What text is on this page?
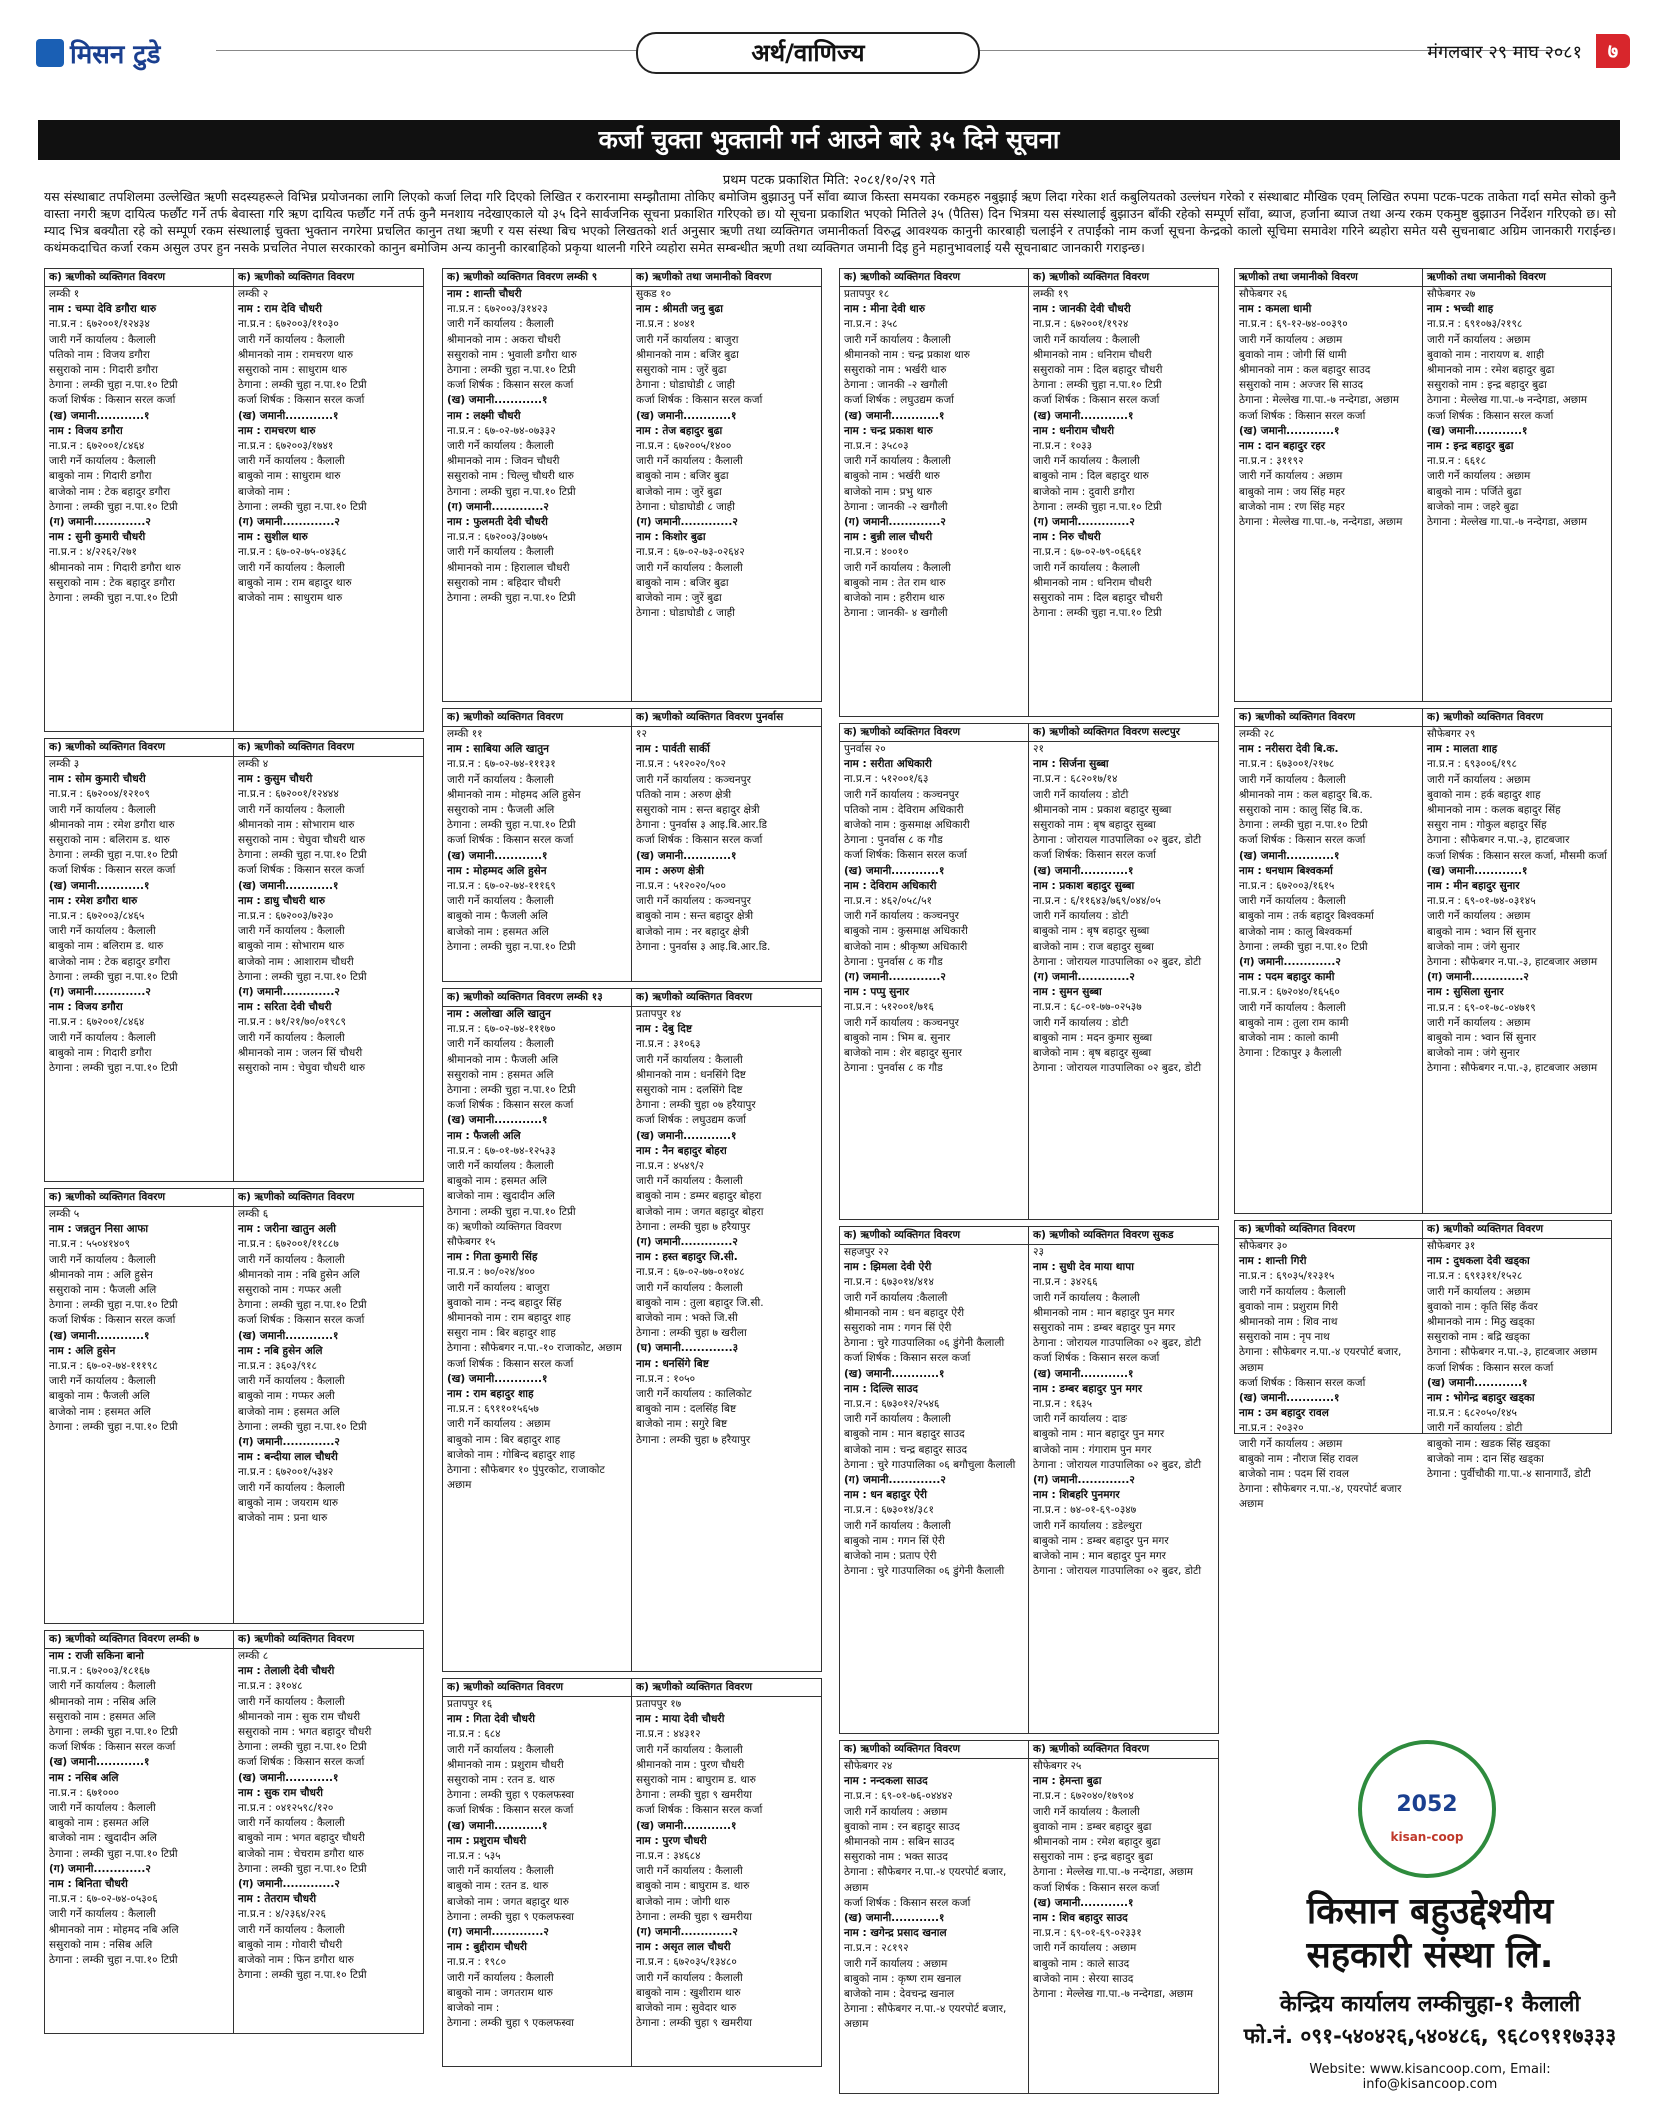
मिसन टुडे	अर्थ/वाणिज्य	मंगलबार २९ माघ २०८१	७
कर्जा चुक्ता भुक्तानी गर्न आउने बारे ३५ दिने सूचना
प्रथम पटक प्रकाशित मिति: २०८१/१०/२९ गते
यस संस्थाबाट तपशिलमा उल्लेखित ऋणी सदस्यहरूले विभिन्न प्रयोजनका लागि लिएको कर्जा लिदा गरि दिएको लिखित र करारनामा सम्झौतामा तोकिए बमोजिम बुझाउनु पर्ने साँवा ब्याज किस्ता समयका रकमहरु नबुझाई ऋण लिदा गरेका शर्त कबुलियतको उल्लंघन गरेको र संस्थाबाट मौखिक एवम् लिखित रुपमा पटक-पटक ताकेता गर्दा समेत सोको कुनै वास्ता नगरी ऋण दायित्व फर्छौट गर्ने तर्फ बेवास्ता गरि ऋण दायित्व फर्छौट गर्ने तर्फ कुनै मनशाय नदेखाएकाले यो ३५ दिने सार्वजनिक सूचना प्रकाशित गरिएको छ। यो सूचना प्रकाशित भएको मितिले ३५ (पैतिस) दिन भित्रमा यस संस्थालाई बुझाउन बाँकी रहेको सम्पूर्ण साँवा, ब्याज, हर्जाना ब्याज तथा अन्य रकम एकमुष्ट बुझाउन निर्देशन गरिएको छ। सो म्याद भित्र बक्यौता रहे को सम्पूर्ण रकम संस्थालाई चुक्ता भुक्तान नगरेमा प्रचलित कानुन तथा ऋणी र यस संस्था बिच भएको लिखतको शर्त अनुसार ऋणी तथा व्यक्तिगत जमानीकर्ता विरुद्ध आवश्यक कानुनी कारबाही चलाईने र तपाईंको नाम कर्जा सूचना केन्द्रको कालो सूचिमा समावेश गरिने ब्यहोरा समेत यसै सुचनाबाट अग्रिम जानकारी गराईन्छ। कथंमकदाचित कर्जा रकम असुल उपर हुन नसके प्रचलित नेपाल सरकारको कानुन बमोजिम अन्य कानुनी कारबाहिको प्रकृया थालनी गरिने व्यहोरा समेत सम्बन्धीत ऋणी तथा व्यक्तिगत जमानी दिइ हुने महानुभावलाई यसै सूचनाबाट जानकारी गराइन्छ।
क) ऋणीको व्यक्तिगत विवरण
लम्की १
नाम : चम्पा देवि डगौरा थारु
ना.प्र.न : ६७२००१/१२४३४
जारी गर्ने कार्यालय : कैलाली
पतिको नाम : विजय डगौरा
ससुराको नाम : गिदारी डगौरा
ठेगाना : लम्की चुहा न.पा.१० टिप्री
कर्जा शिर्षक : किसान सरल कर्जा
(ख) जमानी............१
नाम : विजय डगौरा
ना.प्र.न : ६७२००१/८४६४
जारी गर्ने कार्यालय : कैलाली
बाबुको नाम : गिदारी डगौरा
बाजेको नाम : टेक बहादुर डगौरा
ठेगाना : लम्की चुहा न.पा.१० टिप्री
(ग) जमानी.............२
नाम : सुनी कुमारी चौधरी
ना.प्र.न : ४/२२६२/२७१
श्रीमानको नाम : गिदारी डगौरा थारु
ससुराको नाम : टेक बहादुर डगौरा
ठेगाना : लम्की चुहा न.पा.१० टिप्री
क) ऋणीको व्यक्तिगत विवरण
लम्की २
नाम : राम देवि चौधरी
ना.प्र.न : ६७२००३/११०३०
जारी गर्ने कार्यालय : कैलाली
श्रीमानको नाम : रामचरण थारु
ससुराको नाम : साधुराम थारु
ठेगाना : लम्की चुहा न.पा.१० टिप्री
कर्जा शिर्षक : किसान सरल कर्जा
(ख) जमानी............१
नाम : रामचरण थारु
ना.प्र.न : ६७२००३/१७४१
जारी गर्ने कार्यालय : कैलाली
बाबुको नाम : साधुराम थारु
बाजेको नाम :
ठेगाना : लम्की चुहा न.पा.१० टिप्री
(ग) जमानी.............२
नाम : सुशील थारु
ना.प्र.न : ६७-०२-७५-०४३६८
जारी गर्ने कार्यालय : कैलाली
बाबुको नाम : राम बहादुर थारु
बाजेको नाम : साधुराम थारु
क) ऋणीको व्यक्तिगत विवरण
लम्की ३
नाम : सोम कुमारी चौधरी
ना.प्र.न : ६७२००४/१२१०९
जारी गर्ने कार्यालय : कैलाली
श्रीमानको नाम : रमेश डगौरा थारु
ससुराको नाम : बलिराम ड. थारु
ठेगाना : लम्की चुहा न.पा.१० टिप्री
कर्जा शिर्षक : किसान सरल कर्जा
(ख) जमानी............१
नाम : रमेश डगौरा थारु
ना.प्र.न : ६७२००३/८४६५
जारी गर्ने कार्यालय : कैलाली
बाबुको नाम : बलिराम ड. थारु
बाजेको नाम : टेक बहादुर डगौरा
ठेगाना : लम्की चुहा न.पा.१० टिप्री
(ग) जमानी.............२
नाम : विजय डगौरा
ना.प्र.न : ६७२००१/८४६४
जारी गर्ने कार्यालय : कैलाली
बाबुको नाम : गिदारी डगौरा
ठेगाना : लम्की चुहा न.पा.१० टिप्री
क) ऋणीको व्यक्तिगत विवरण
लम्की ४
नाम : कुसुम चौधरी
ना.प्र.न : ६७२००१/१२४४४
जारी गर्ने कार्यालय : कैलाली
श्रीमानको नाम : सोभाराम थारु
ससुराको नाम : चेघुवा चौधरी थारु
ठेगाना : लम्की चुहा न.पा.१० टिप्री
कर्जा शिर्षक : किसान सरल कर्जा
(ख) जमानी............१
नाम : डाधु चौधरी थारु
ना.प्र.न : ६७२००३/७२३०
जारी गर्ने कार्यालय : कैलाली
बाबुको नाम : सोभाराम थारु
बाजेको नाम : आशाराम चौधरी
ठेगाना : लम्की चुहा न.पा.१० टिप्री
(ग) जमानी.............२
नाम : सरिता देवी चौधरी
ना.प्र.न : ७१/२१/७०/०१९८९
जारी गर्ने कार्यालय : कैलाली
श्रीमानको नाम : जलन सिं चौधरी
ससुराको नाम : चेघुवा चौधरी थारु
क) ऋणीको व्यक्तिगत विवरण
लम्की ५
नाम : जन्नतुन निसा आफा
ना.प्र.न : ५५०४१४०९
जारी गर्ने कार्यालय : कैलाली
श्रीमानको नाम : अलि हुसेन
ससुराको नाम : फैजली अलि
ठेगाना : लम्की चुहा न.पा.१० टिप्री
कर्जा शिर्षक : किसान सरल कर्जा
(ख) जमानी............१
नाम : अलि हुसेन
ना.प्र.न : ६७-०२-७४-१११९८
जारी गर्ने कार्यालय : कैलाली
बाबुको नाम : फैजली अलि
बाजेको नाम : हसमत अलि
ठेगाना : लम्की चुहा न.पा.१० टिप्री
क) ऋणीको व्यक्तिगत विवरण
लम्की ६
नाम : जरीना खातुन अली
ना.प्र.न : ६७२००१/११८८७
जारी गर्ने कार्यालय : कैलाली
श्रीमानको नाम : नबि हुसेन अलि
ससुराको नाम : गप्फर अली
ठेगाना : लम्की चुहा न.पा.१० टिप्री
कर्जा शिर्षक : किसान सरल कर्जा
(ख) जमानी............१
नाम : नबि हुसेन अलि
ना.प्र.न : ३६०३/९१८
जारी गर्ने कार्यालय : कैलाली
बाबुको नाम : गप्फर अली
बाजेको नाम : हसमत अलि
ठेगाना : लम्की चुहा न.पा.१० टिप्री
(ग) जमानी.............२
नाम : बन्दीया लाल चौधरी
ना.प्र.न : ६७२००१/५३४२
जारी गर्ने कार्यालय : कैलाली
बाबुको नाम : जयराम थारु
बाजेको नाम : प्रना थारु
क) ऋणीको व्यक्तिगत विवरण लम्की ७
नाम : राजी सकिना बानो
ना.प्र.न : ६७२००३/१८१६७
जारी गर्ने कार्यालय : कैलाली
श्रीमानको नाम : नसिब अलि
ससुराको नाम : हसमत अलि
ठेगाना : लम्की चुहा न.पा.१० टिप्री
कर्जा शिर्षक : किसान सरल कर्जा
(ख) जमानी............१
नाम : नसिब अलि
ना.प्र.न : ६७१०००
जारी गर्ने कार्यालय : कैलाली
बाबुको नाम : हसमत अलि
बाजेको नाम : खुदादीन अलि
ठेगाना : लम्की चुहा न.पा.१० टिप्री
(ग) जमानी.............२
नाम : बिनिता चौधरी
ना.प्र.न : ६७-०२-७४-०५३०६
जारी गर्ने कार्यालय : कैलाली
श्रीमानको नाम : मोहमद नबि अलि
ससुराको नाम : नसिब अलि
ठेगाना : लम्की चुहा न.पा.१० टिप्री
क) ऋणीको व्यक्तिगत विवरण
लम्की ८
नाम : तेलाली देवी चौधरी
ना.प्र.न : ३१०४८
जारी गर्ने कार्यालय : कैलाली
श्रीमानको नाम : सुक राम चौधरी
ससुराको नाम : भगत बहादुर चौधरी
ठेगाना : लम्की चुहा न.पा.१० टिप्री
कर्जा शिर्षक : किसान सरल कर्जा
(ख) जमानी............१
नाम : सुक राम चौधरी
ना.प्र.न : ०४१२५९८/१२०
जारी गर्ने कार्यालय : कैलाली
बाबुको नाम : भगत बहादुर चौधरी
बाजेको नाम : चेचराम डगौरा थारु
ठेगाना : लम्की चुहा न.पा.१० टिप्री
(ग) जमानी.............२
नाम : तेतराम चौधरी
ना.प्र.न : ४/२३६४/२२६
जारी गर्ने कार्यालय : कैलाली
बाबुको नाम : गोवारी चौधरी
बाजेको नाम : फिन डगौरा थारु
ठेगाना : लम्की चुहा न.पा.१० टिप्री
क) ऋणीको व्यक्तिगत विवरण लम्की ९
नाम : शान्ती चौधरी
ना.प्र.न : ६७२००३/३१४२३
जारी गर्ने कार्यालय : कैलाली
श्रीमानको नाम : अकरा चौधरी
ससुराको नाम : भुवाली डगौरा थारु
ठेगाना : लम्की चुहा न.पा.१० टिप्री
कर्जा शिर्षक : किसान सरल कर्जा
(ख) जमानी............१
नाम : लक्ष्मी चौधरी
ना.प्र.न : ६७-०२-७४-०७३३२
जारी गर्ने कार्यालय : कैलाली
श्रीमानको नाम : जिवन चौधरी
ससुराको नाम : चिल्लु चौधरी थारु
ठेगाना : लम्की चुहा न.पा.१० टिप्री
(ग) जमानी.............२
नाम : फुलमती देवी चौधरी
ना.प्र.न : ६७२००३/३०७७५
जारी गर्ने कार्यालय : कैलाली
श्रीमानको नाम : हिरालाल चौधरी
ससुराको नाम : बहिदार चौधरी
ठेगाना : लम्की चुहा न.पा.१० टिप्री
क) ऋणीको तथा जमानीको विवरण
सुकड १०
नाम : श्रीमती जनु बुढा
ना.प्र.न : ४०४१
जारी गर्ने कार्यालय : बाजुरा
श्रीमानको नाम : बजिर बुढा
ससुराको नाम : जुरें बुढा
ठेगाना : घोडाघोडी ८ जाही
कर्जा शिर्षक : किसान सरल कर्जा
(ख) जमानी............१
नाम : तेज बहादुर बुढा
ना.प्र.न : ६७२००५/१४००
जारी गर्ने कार्यालय : कैलाली
बाबुको नाम : बजिर बुढा
बाजेको नाम : जुरें बुढा
ठेगाना : घोडाघोडी ८ जाही
(ग) जमानी.............२
नाम : किशोर बुढा
ना.प्र.न : ६७-०२-७३-०२६४२
जारी गर्ने कार्यालय : कैलाली
बाबुको नाम : बजिर बुढा
बाजेको नाम : जुरें बुढा
ठेगाना : घोडाघोडी ८ जाही
क) ऋणीको व्यक्तिगत विवरण
लम्की ११
नाम : साबिया अलि खातुन
ना.प्र.न : ६७-०२-७४-१११३१
जारी गर्ने कार्यालय : कैलाली
श्रीमानको नाम : मोहमद अलि हुसेन
ससुराको नाम : फैजली अलि
ठेगाना : लम्की चुहा न.पा.१० टिप्री
कर्जा शिर्षक : किसान सरल कर्जा
(ख) जमानी............१
नाम : मोहम्मद अलि हुसेन
ना.प्र.न : ६७-०२-७४-१११६९
जारी गर्ने कार्यालय : कैलाली
बाबुको नाम : फैजली अलि
बाजेको नाम : हसमत अलि
ठेगाना : लम्की चुहा न.पा.१० टिप्री
क) ऋणीको व्यक्तिगत विवरण पुनर्वास
१२
नाम : पार्वती सार्की
ना.प्र.न : ५१२०२०/९०२
जारी गर्ने कार्यालय : कञ्चनपुर
पतिको नाम : अरुण क्षेत्री
ससुराको नाम : सन्त बहादुर क्षेत्री
ठेगाना : पुनर्वास ३ आइ.बि.आर.डि
कर्जा शिर्षक : किसान सरल कर्जा
(ख) जमानी............१
नाम : अरुण क्षेत्री
ना.प्र.न : ५१२०२०/५००
जारी गर्ने कार्यालय : कञ्चनपुर
बाबुको नाम : सन्त बहादुर क्षेत्री
बाजेको नाम : नर बहादुर क्षेत्री
ठेगाना : पुनर्वास ३ आइ.बि.आर.डि.
क) ऋणीको व्यक्तिगत विवरण लम्की १३
नाम : अलोखा अलि खातुन
ना.प्र.न : ६७-०२-७४-१११७०
जारी गर्ने कार्यालय : कैलाली
श्रीमानको नाम : फैजली अलि
ससुराको नाम : हसमत अलि
ठेगाना : लम्की चुहा न.पा.१० टिप्री
कर्जा शिर्षक : किसान सरल कर्जा
(ख) जमानी............१
नाम : फैजली अलि
ना.प्र.न : ६७-०१-७४-१२५३३
जारी गर्ने कार्यालय : कैलाली
बाबुको नाम : हसमत अलि
बाजेको नाम : खुदादीन अलि
ठेगाना : लम्की चुहा न.पा.१० टिप्री
क) ऋणीको व्यक्तिगत विवरण
सौफेबगर १५
नाम : गिता कुमारी सिंह
ना.प्र.न : ७०/०२४/४००
जारी गर्ने कार्यालय : बाजुरा
बुवाको नाम : नन्द बहादुर सिंह
श्रीमानको नाम : राम बहादुर शाह
ससुरा नाम : बिर बहादुर शाह
ठेगाना : सौफेबगर न.पा.-१० राजाकोट, अछाम
कर्जा शिर्षक : किसान सरल कर्जा
(ख) जमानी............१
नाम : राम बहादुर शाह
ना.प्र.न : ६९११०१५६५७
जारी गर्ने कार्यालय : अछाम
बाबुको नाम : बिर बहादुर शाह
बाजेको नाम : गोबिन्द बहादुर शाह
ठेगाना : सौफेबगर १० पुंपुरकोट, राजाकोट अछाम
क) ऋणीको व्यक्तिगत विवरण
प्रतापपुर १४
नाम : देबु दिष्ट
ना.प्र.न : ३१०६३
जारी गर्ने कार्यालय : कैलाली
श्रीमानको नाम : धनसिंगे दिष्ट
ससुराको नाम : दलसिंगे दिष्ट
ठेगाना : लम्की चुहा ०७ हरैयापुर
कर्जा शिर्षक : लघुउद्यम कर्जा
(ख) जमानी............१
नाम : नैन बहादुर बोहरा
ना.प्र.न : ४५४९/२
जारी गर्ने कार्यालय : कैलाली
बाबुको नाम : डम्मर बहादुर बोहरा
बाजेको नाम : जगत बहादुर बोहरा
ठेगाना : लम्की चुहा ७ हरैयापुर
(ग) जमानी.............२
नाम : हस्त बहादुर जि.सी.
ना.प्र.न : ६७-०२-७७-०१०४८
जारी गर्ने कार्यालय : कैलाली
बाबुको नाम : तुला बहादुर जि.सी.
बाजेको नाम : भक्ते जि.सी
ठेगाना : लम्की चुहा ७ खरीला
(घ) जमानी.............३
नाम : धनसिंगे बिष्ट
ना.प्र.न : १०५०
जारी गर्ने कार्यालय : कालिकोट
बाबुको नाम : दलसिंह बिष्ट
बाजेको नाम : सगुरे बिष्ट
ठेगाना : लम्की चुहा ७ हरैयापुर
क) ऋणीको व्यक्तिगत विवरण
प्रतापपुर १६
नाम : गिता देवी चौधरी
ना.प्र.न : ६८४
जारी गर्ने कार्यालय : कैलाली
श्रीमानको नाम : प्रशुराम चौधरी
ससुराको नाम : रतन ड. थारु
ठेगाना : लम्की चुहा ९ एकलफस्वा
कर्जा शिर्षक : किसान सरल कर्जा
(ख) जमानी............१
नाम : प्रशुराम चौधरी
ना.प्र.न : ५३५
जारी गर्ने कार्यालय : कैलाली
बाबुको नाम : रतन ड. थारु
बाजेको नाम : जगत बहादुर थारु
ठेगाना : लम्की चुहा ९ एकलफस्वा
(ग) जमानी.............२
नाम : बुद्दीराम चौधरी
ना.प्र.न : १९८०
जारी गर्ने कार्यालय : कैलाली
बाबुको नाम : जगतराम थारु
बाजेको नाम :
ठेगाना : लम्की चुहा ९ एकलफस्वा
क) ऋणीको व्यक्तिगत विवरण
प्रतापपुर १७
नाम : माया देवी चौधरी
ना.प्र.न : ४४३१२
जारी गर्ने कार्यालय : कैलाली
श्रीमानको नाम : पुरण चौधरी
ससुराको नाम : बाघुराम ड. थारु
ठेगाना : लम्की चुहा ९ खमरीया
कर्जा शिर्षक : किसान सरल कर्जा
(ख) जमानी............१
नाम : पुरण चौधरी
ना.प्र.न : ३४६८४
जारी गर्ने कार्यालय : कैलाली
बाबुको नाम : बाघुराम ड. थारु
बाजेको नाम : जोगी थारु
ठेगाना : लम्की चुहा ९ खमरीया
(ग) जमानी.............२
नाम : असृत लाल चौधरी
ना.प्र.न : ६७२०३५/१३४८०
जारी गर्ने कार्यालय : कैलाली
बाबुको नाम : खुशीराम थारु
बाजेको नाम : सुवेदार थारु
ठेगाना : लम्की चुहा ९ खमरीया
क) ऋणीको व्यक्तिगत विवरण
प्रतापपुर १८
नाम : मीना देवी थारु
ना.प्र.न : ३५८
जारी गर्ने कार्यालय : कैलाली
श्रीमानको नाम : चन्द्र प्रकाश थारु
ससुराको नाम : भर्खरी थारु
ठेगाना : जानकी -२ खगौली
कर्जा शिर्षक : लघुउद्यम कर्जा
(ख) जमानी............१
नाम : चन्द्र प्रकाश थारु
ना.प्र.न : ३५८०३
जारी गर्ने कार्यालय : कैलाली
बाबुको नाम : भर्खरी थारु
बाजेको नाम : प्रभु थारु
ठेगाना : जानकी -२ खगौली
(ग) जमानी.............२
नाम : बुन्नी लाल चौधरी
ना.प्र.न : ४००१०
जारी गर्ने कार्यालय : कैलाली
बाबुको नाम : तेत राम थारु
बाजेको नाम : हरीराम थारु
ठेगाना : जानकी- ४ खगौली
क) ऋणीको व्यक्तिगत विवरण
लम्की १९
नाम : जानकी देवी चौधरी
ना.प्र.न : ६७२००१/१९२४
जारी गर्ने कार्यालय : कैलाली
श्रीमानको नाम : धनिराम चौधरी
ससुराको नाम : दिल बहादुर चौधरी
ठेगाना : लम्की चुहा न.पा.१० टिप्री
कर्जा शिर्षक : किसान सरल कर्जा
(ख) जमानी............१
नाम : धनीराम चौधरी
ना.प्र.न : १०३३
जारी गर्ने कार्यालय : कैलाली
बाबुको नाम : दिल बहादुर थारु
बाजेको नाम : दुवारी डगौरा
ठेगाना : लम्की चुहा न.पा.१० टिप्री
(ग) जमानी.............२
नाम : निरु चौधरी
ना.प्र.न : ६७-०२-७९-०६६६१
जारी गर्ने कार्यालय : कैलाली
श्रीमानको नाम : धनिराम चौधरी
ससुराको नाम : दिल बहादुर चौधरी
ठेगाना : लम्की चुहा न.पा.१० टिप्री
क) ऋणीको व्यक्तिगत विवरण
पुनर्वास २०
नाम : सरीता अधिकारी
ना.प्र.न : ५१२००१/६३
जारी गर्ने कार्यालय : कञ्चनपुर
पतिको नाम : देविराम अधिकारी
बाजेको नाम : कुसमाक्ष अधिकारी
ठेगाना : पुनर्वास ८ क गौड
कर्जा शिर्षक: किसान सरल कर्जा
(ख) जमानी............१
नाम : देविराम अधिकारी
ना.प्र.न : ४६२/०५८/५१
जारी गर्ने कार्यालय : कञ्चनपुर
बाबुको नाम : कुसमाक्ष अधिकारी
बाजेको नाम : श्रीकृष्ण अधिकारी
ठेगाना : पुनर्वास ८ क गौड
(ग) जमानी.............२
नाम : पप्पु सुनार
ना.प्र.न : ५१२००१/७१६
जारी गर्ने कार्यालय : कञ्चनपुर
बाबुको नाम : भिम ब. सुनार
बाजेको नाम : शेर बहादुर सुनार
ठेगाना : पुनर्वास ८ क गौड
क) ऋणीको व्यक्तिगत विवरण सल्टपुर
२१
नाम : सिर्जना सुब्बा
ना.प्र.न : ६८२०१७/१४
जारी गर्ने कार्यालय : डोटी
श्रीमानको नाम : प्रकाश बहादुर सुब्बा
ससुराको नाम : बृष बहादुर सुब्बा
ठेगाना : जोरायल गाउपालिका ०२ बुढर, डोटी
कर्जा शिर्षक: किसान सरल कर्जा
(ख) जमानी............१
नाम : प्रकाश बहादुर सुब्बा
ना.प्र.न : ६/११६४३/७६९/०४४/०५
जारी गर्ने कार्यालय : डोटी
बाबुको नाम : बृष बहादुर सुब्बा
बाजेको नाम : राज बहादुर सुब्बा
ठेगाना : जोरायल गाउपालिका ०२ बुढर, डोटी
(ग) जमानी.............२
नाम : सुमन सुब्बा
ना.प्र.न : ६८-०१-७७-०२५३७
जारी गर्ने कार्यालय : डोटी
बाबुको नाम : मदन कुमार सुब्बा
बाजेको नाम : बृष बहादुर सुब्बा
ठेगाना : जोरायल गाउपालिका ०२ बुढर, डोटी
क) ऋणीको व्यक्तिगत विवरण
सहजपुर २२
नाम : झिमला देवी ऐरी
ना.प्र.न : ६७३०१४/४१४
जारी गर्ने कार्यालय :कैलाली
श्रीमानको नाम : धन बहादुर ऐरी
ससुराको नाम : गगन सिं ऐरी
ठेगाना : चुरे गाउपालिका ०६ डुंगेनी कैलाली
कर्जा शिर्षक : किसान सरल कर्जा
(ख) जमानी............१
नाम : दिल्लि साउद
ना.प्र.न : ६७३०१२/२५४६
जारी गर्ने कार्यालय : कैलाली
बाबुको नाम : मान बहादुर साउद
बाजेको नाम : चन्द्र बहादुर साउद
ठेगाना : चुरे गाउपालिका ०६ बगौचुला कैलाली
(ग) जमानी.............२
नाम : धन बहादुर ऐरी
ना.प्र.न : ६७३०१४/३८१
जारी गर्ने कार्यालय : कैलाली
बाबुको नाम : गगन सिं ऐरी
बाजेको नाम : प्रताप ऐरी
ठेगाना : चुरे गाउपालिका ०६ डुंगेनी कैलाली
क) ऋणीको व्यक्तिगत विवरण सुकड
२३
नाम : सुधी देव माया थापा
ना.प्र.न : ३४२६६
जारी गर्ने कार्यालय : कैलाली
श्रीमानको नाम : मान बहादुर पुन मगर
ससुराको नाम : डम्बर बहादुर पुन मगर
ठेगाना : जोरायल गाउपालिका ०२ बुढर, डोटी
कर्जा शिर्षक : किसान सरल कर्जा
(ख) जमानी............१
नाम : डम्बर बहादुर पुन मगर
ना.प्र.न : १६३५
जारी गर्ने कार्यालय : दाङ
बाबुको नाम : मान बहादुर पुन मगर
बाजेको नाम : गंगाराम पुन मगर
ठेगाना : जोरायल गाउपालिका ०२ बुढर, डोटी
(ग) जमानी.............२
नाम : शिबहरि पुनमगर
ना.प्र.न : ७४-०१-६९-०३४७
जारी गर्ने कार्यालय : डडेल्धुरा
बाबुको नाम : डम्बर बहादुर पुन मगर
बाजेको नाम : मान बहादुर पुन मगर
ठेगाना : जोरायल गाउपालिका ०२ बुढर, डोटी
क) ऋणीको व्यक्तिगत विवरण
सौफेबगर २४
नाम : नन्दकला साउद
ना.प्र.न : ६९-०१-७६-०४४४२
जारी गर्ने कार्यालय : अछाम
बुवाको नाम : रन बहादुर साउद
श्रीमानको नाम : सबिन साउद
ससुराको नाम : भक्त साउद
ठेगाना : सौफेबगर न.पा.-४ एयरपोर्ट बजार, अछाम
कर्जा शिर्षक : किसान सरल कर्जा
(ख) जमानी............१
नाम : खगेन्द्र प्रसाद खनाल
ना.प्र.न : २८१९२
जारी गर्ने कार्यालय : अछाम
बाबुको नाम : कृष्ण राम खनाल
बाजेको नाम : देवचन्द्र खनाल
ठेगाना : सौफेबगर न.पा.-४ एयरपोर्ट बजार, अछाम
क) ऋणीको व्यक्तिगत विवरण
सौफेबगर २५
नाम : हेमन्ता बुढा
ना.प्र.न : ६७२०४०/१७९०४
जारी गर्ने कार्यालय : कैलाली
बुवाको नाम : डम्बर बहादुर बुढा
श्रीमानको नाम : रमेश बहादुर बुढा
ससुराको नाम : इन्द्र बहादुर बुढा
ठेगाना : मेल्लेख गा.पा.-७ नन्देगडा, अछाम
कर्जा शिर्षक : किसान सरल कर्जा
(ख) जमानी............१
नाम : शिव बहादुर साउद
ना.प्र.न : ६९-०१-६९-०२३३१
जारी गर्ने कार्यालय : अछाम
बाबुको नाम : काले साउद
बाजेको नाम : सेरया साउद
ठेगाना : मेल्लेख गा.पा.-७ नन्देगडा, अछाम
ऋणीको तथा जमानीको विवरण
सौफेबगर २६
नाम : कमला धामी
ना.प्र.न : ६९-१२-७४-००३९०
जारी गर्ने कार्यालय : अछाम
बुवाको नाम : जोगी सिं धामी
श्रीमानको नाम : कल बहादुर साउद
ससुराको नाम : अज्जर सि साउद
ठेगाना : मेल्लेख गा.पा.-७ नन्देगडा, अछाम
कर्जा शिर्षक : किसान सरल कर्जा
(ख) जमानी............१
नाम : दान बहादुर रहर
ना.प्र.न : ३११९२
जारी गर्ने कार्यालय : अछाम
बाबुको नाम : जय सिंह महर
बाजेको नाम : रण सिंह महर
ठेगाना : मेल्लेख गा.पा.-७, नन्देगडा, अछाम
ऋणीको तथा जमानीको विवरण
सौफेबगर २७
नाम : भच्ची शाह
ना.प्र.न : ६९१०७३/२१९८
जारी गर्ने कार्यालय : अछाम
बुवाको नाम : नारायण ब. शाही
श्रीमानको नाम : रमेश बहादुर बुढा
ससुराको नाम : इन्द्र बहादुर बुढा
ठेगाना : मेल्लेख गा.पा.-७ नन्देगडा, अछाम
कर्जा शिर्षक : किसान सरल कर्जा
(ख) जमानी............१
नाम : इन्द्र बहादुर बुढा
ना.प्र.न : ६६१८
जारी गर्ने कार्यालय : अछाम
बाबुको नाम : पर्जिते बुढा
बाजेको नाम : जहरे बुढा
ठेगाना : मेल्लेख गा.पा.-७ नन्देगडा, अछाम
क) ऋणीको व्यक्तिगत विवरण
लम्की २८
नाम : नरीसरा देवी बि.क.
ना.प्र.न : ६७३००१/२१७८
जारी गर्ने कार्यालय : कैलाली
श्रीमानको नाम : कल बहादुर बि.क.
ससुराको नाम : कालु सिंह बि.क.
ठेगाना : लम्की चुहा न.पा.१० टिप्री
कर्जा शिर्षक : किसान सरल कर्जा
(ख) जमानी............१
नाम : धनधाम बिश्वकर्मा
ना.प्र.न : ६७२००३/१६१५
जारी गर्ने कार्यालय : कैलाली
बाबुको नाम : तर्क बहादुर बिश्वकर्मा
बाजेको नाम : कालु बिश्वकर्मा
ठेगाना : लम्की चुहा न.पा.१० टिप्री
(ग) जमानी.............२
नाम : पदम बहादुर कामी
ना.प्र.न : ६७२०४०/१६५६०
जारी गर्ने कार्यालय : कैलाली
बाबुको नाम : तुला राम कामी
बाजेको नाम : कालो कामी
ठेगाना : टिकापुर ३ कैलाली
क) ऋणीको व्यक्तिगत विवरण
सौफेबगर २९
नाम : मालता शाह
ना.प्र.न : ६९३००६/१९८
जारी गर्ने कार्यालय : अछाम
बुवाको नाम : हर्क बहादुर शाह
श्रीमानको नाम : कलक बहादुर सिंह
ससुरा नाम : गोकुल बहादुर सिंह
ठेगाना : सौफेबगर न.पा.-३, हाटबजार
कर्जा शिर्षक : किसान सरल कर्जा, मौसमी कर्जा
(ख) जमानी............१
नाम : मीन बहादुर सुनार
ना.प्र.न : ६९-०१-७४-०३१४५
जारी गर्ने कार्यालय : अछाम
बाबुको नाम : भ्वान सिं सुनार
बाजेको नाम : जंगे सुनार
ठेगाना : सौफेबगर न.पा.-३, हाटबजार अछाम
(ग) जमानी.............२
नाम : सुसिला सुनार
ना.प्र.न : ६९-०१-७८-०४७१९
जारी गर्ने कार्यालय : अछाम
बाबुको नाम : भ्वान सिं सुनार
बाजेको नाम : जंगे सुनार
ठेगाना : सौफेबगर न.पा.-३, हाटबजार अछाम
क) ऋणीको व्यक्तिगत विवरण
सौफेबगर ३०
नाम : शान्ती गिरी
ना.प्र.न : ६९०३५/१२३१५
जारी गर्ने कार्यालय : कैलाली
बुवाको नाम : प्रशुराम गिरी
श्रीमानको नाम : शिव नाथ
ससुराको नाम : नृप नाथ
ठेगाना : सौफेबगर न.पा.-४ एयरपोर्ट बजार, अछाम
कर्जा शिर्षक : किसान सरल कर्जा
(ख) जमानी............१
नाम : उम बहादुर रावल
ना.प्र.न : २०३२०
जारी गर्ने कार्यालय : अछाम
बाबुको नाम : नौराज सिंह रावल
बाजेको नाम : पदम सिं रावल
ठेगाना : सौफेबगर न.पा.-४, एयरपोर्ट बजार अछाम
क) ऋणीको व्यक्तिगत विवरण
सौफेबगर ३१
नाम : दुधकला देवी खड्का
ना.प्र.न : ६९१३११/१५२८
जारी गर्ने कार्यालय : अछाम
बुवाको नाम : कृति सिंह कँवर
श्रीमानको नाम : मिठु खड्का
ससुराको नाम : बद्रि खड्का
ठेगाना : सौफेबगर न.पा.-३, हाटबजार अछाम
कर्जा शिर्षक : किसान सरल कर्जा
(ख) जमानी............१
नाम : भोगेन्द्र बहादुर खड्का
ना.प्र.न : ६८२०५०/१४५
जारी गर्ने कार्यालय : डोटी
बाबुको नाम : खडक सिंह खड्का
बाजेको नाम : दान सिंह खड्का
ठेगाना : पुर्वीचौकी गा.पा.-४ सानागाउँ, डोटी
2052
kisan-coop
किसान बहुउद्देश्यीय
सहकारी संस्था लि.
केन्द्रिय कार्यालय लम्कीचुहा-१ कैलाली
फो.नं. ०९१-५४०४२६,५४०४८६, ९६८०९११७३३३
Website: www.kisancoop.com, Email: info@kisancoop.com
